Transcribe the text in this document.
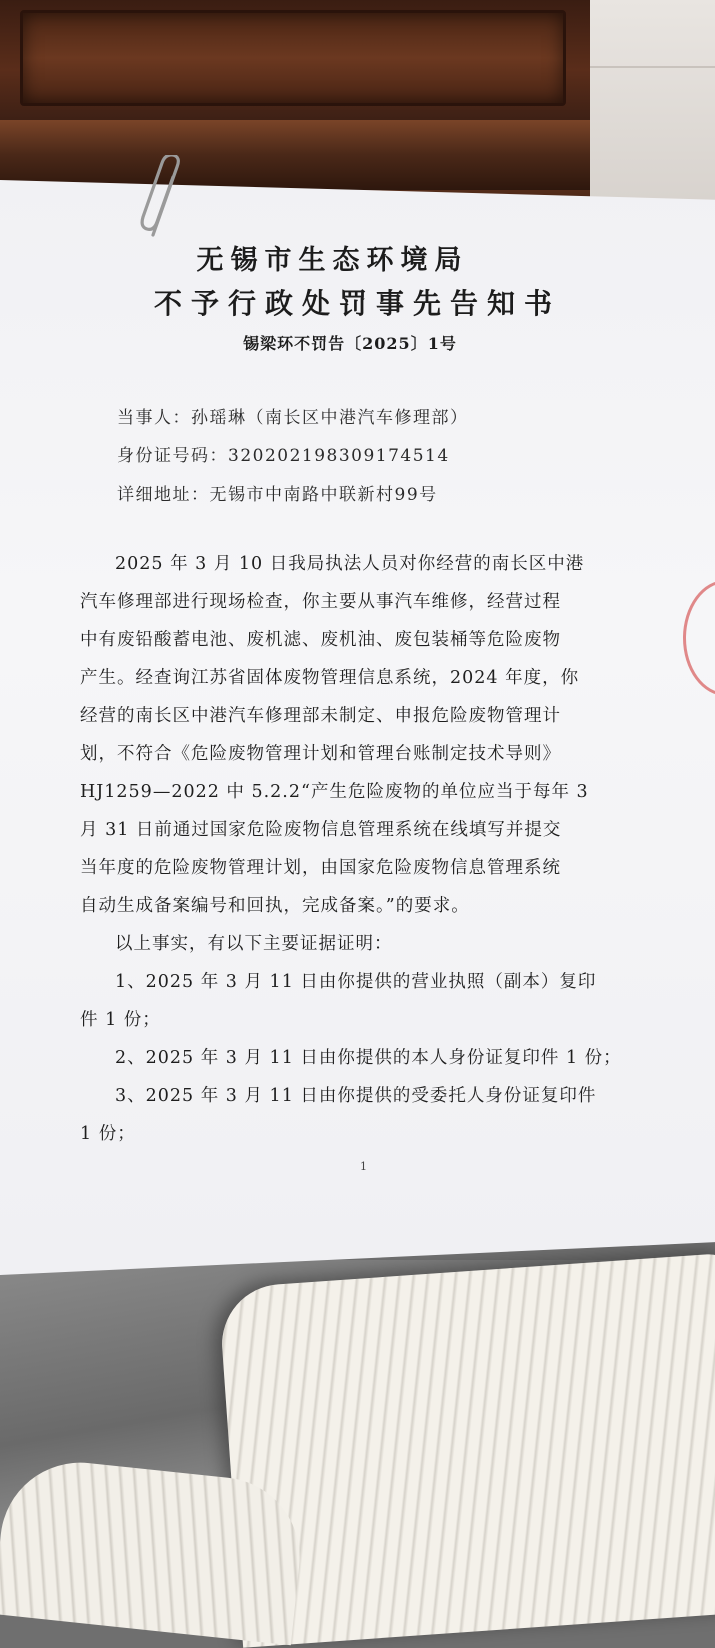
无锡市生态环境局
不予行政处罚事先告知书
锡梁环不罚告〔2025〕1号
当事人：孙瑶琳（南长区中港汽车修理部）
身份证号码：320202198309174514
详细地址：无锡市中南路中联新村99号
2025 年 3 月 10 日我局执法人员对你经营的南长区中港
汽车修理部进行现场检查，你主要从事汽车维修，经营过程
中有废铅酸蓄电池、废机滤、废机油、废包装桶等危险废物
产生。经查询江苏省固体废物管理信息系统，2024 年度，你
经营的南长区中港汽车修理部未制定、申报危险废物管理计
划，不符合《危险废物管理计划和管理台账制定技术导则》
HJ1259—2022 中 5.2.2“产生危险废物的单位应当于每年 3
月 31 日前通过国家危险废物信息管理系统在线填写并提交
当年度的危险废物管理计划，由国家危险废物信息管理系统
自动生成备案编号和回执，完成备案。”的要求。
以上事实，有以下主要证据证明：
1、2025 年 3 月 11 日由你提供的营业执照（副本）复印
件 1 份；
2、2025 年 3 月 11 日由你提供的本人身份证复印件 1 份；
3、2025 年 3 月 11 日由你提供的受委托人身份证复印件
1 份；
1
